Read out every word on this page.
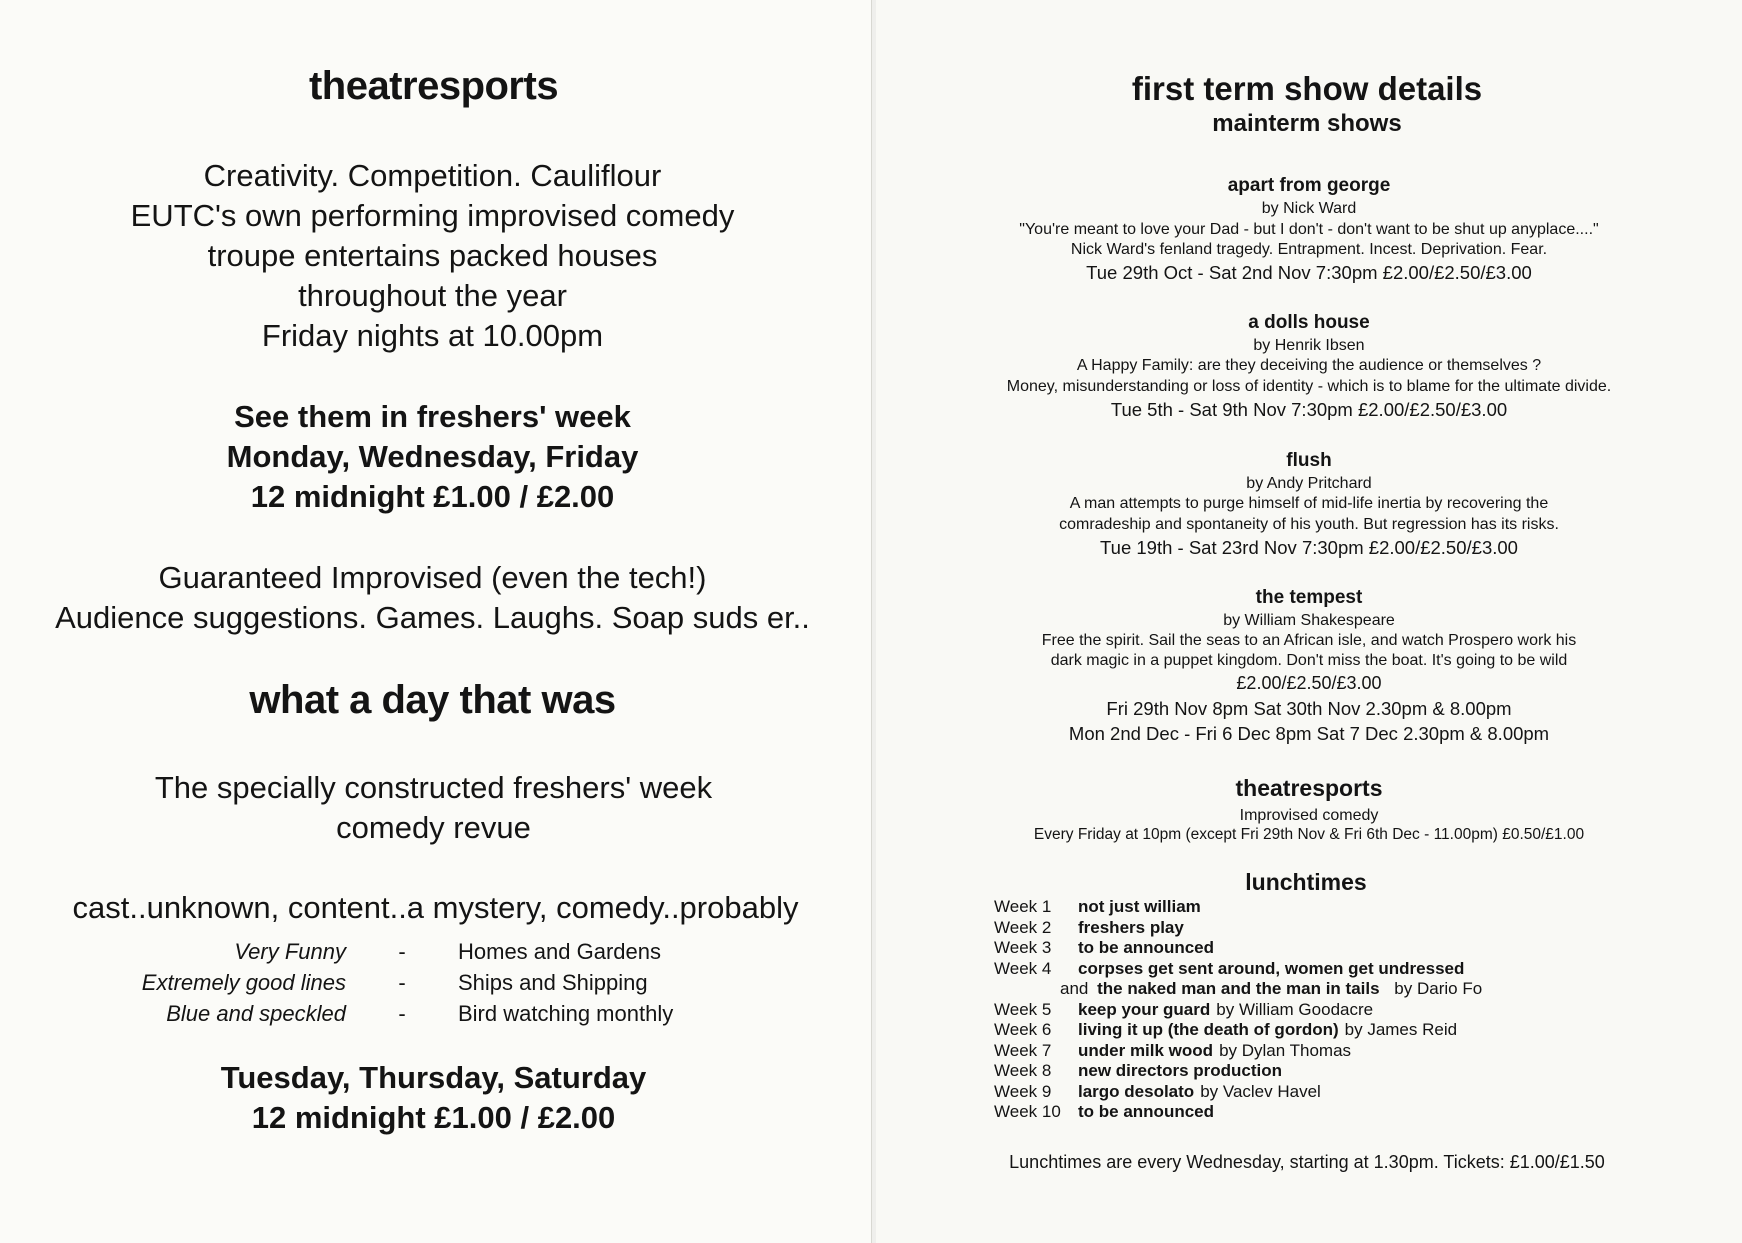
theatresports
Creativity. Competition. Cauliflour
EUTC's own performing improvised comedy
troupe entertains packed houses
throughout the year
Friday nights at 10.00pm
See them in freshers' week
Monday, Wednesday, Friday
12 midnight £1.00 / £2.00
Guaranteed Improvised (even the tech!)
Audience suggestions. Games. Laughs. Soap suds er..
what a day that was
The specially constructed freshers' week
comedy revue
cast..unknown, content..a mystery, comedy..probably
Very Funny	-	Homes and Gardens
Extremely good lines	-	Ships and Shipping
Blue and speckled	-	Bird watching monthly
Tuesday, Thursday, Saturday
12 midnight £1.00 / £2.00
first term show details
mainterm shows
apart from george
by Nick Ward
"You're meant to love your Dad - but I don't - don't want to be shut up anyplace...."
Nick Ward's fenland tragedy. Entrapment. Incest. Deprivation. Fear.
Tue 29th Oct - Sat 2nd Nov 7:30pm £2.00/£2.50/£3.00
a dolls house
by Henrik Ibsen
A Happy Family: are they deceiving the audience or themselves ?
Money, misunderstanding or loss of identity - which is to blame for the ultimate divide.
Tue 5th - Sat 9th Nov 7:30pm £2.00/£2.50/£3.00
flush
by Andy Pritchard
A man attempts to purge himself of mid-life inertia by recovering the
comradeship and spontaneity of his youth. But regression has its risks.
Tue 19th - Sat 23rd Nov 7:30pm £2.00/£2.50/£3.00
the tempest
by William Shakespeare
Free the spirit. Sail the seas to an African isle, and watch Prospero work his
dark magic in a puppet kingdom. Don't miss the boat. It's going to be wild
£2.00/£2.50/£3.00
Fri 29th Nov 8pm Sat 30th Nov 2.30pm & 8.00pm
Mon 2nd Dec - Fri 6 Dec 8pm Sat 7 Dec 2.30pm & 8.00pm
theatresports
Improvised comedy
Every Friday at 10pm (except Fri 29th Nov & Fri 6th Dec - 11.00pm) £0.50/£1.00
lunchtimes
Week 1	not just william
Week 2	freshers play
Week 3	to be announced
Week 4	corpses get sent around, women get undressed
	and the naked man and the man in tails by Dario Fo
Week 5	keep your guard by William Goodacre
Week 6	living it up (the death of gordon) by James Reid
Week 7	under milk wood by Dylan Thomas
Week 8	new directors production
Week 9	largo desolato by Vaclev Havel
Week 10	to be announced
Lunchtimes are every Wednesday, starting at 1.30pm. Tickets: £1.00/£1.50
